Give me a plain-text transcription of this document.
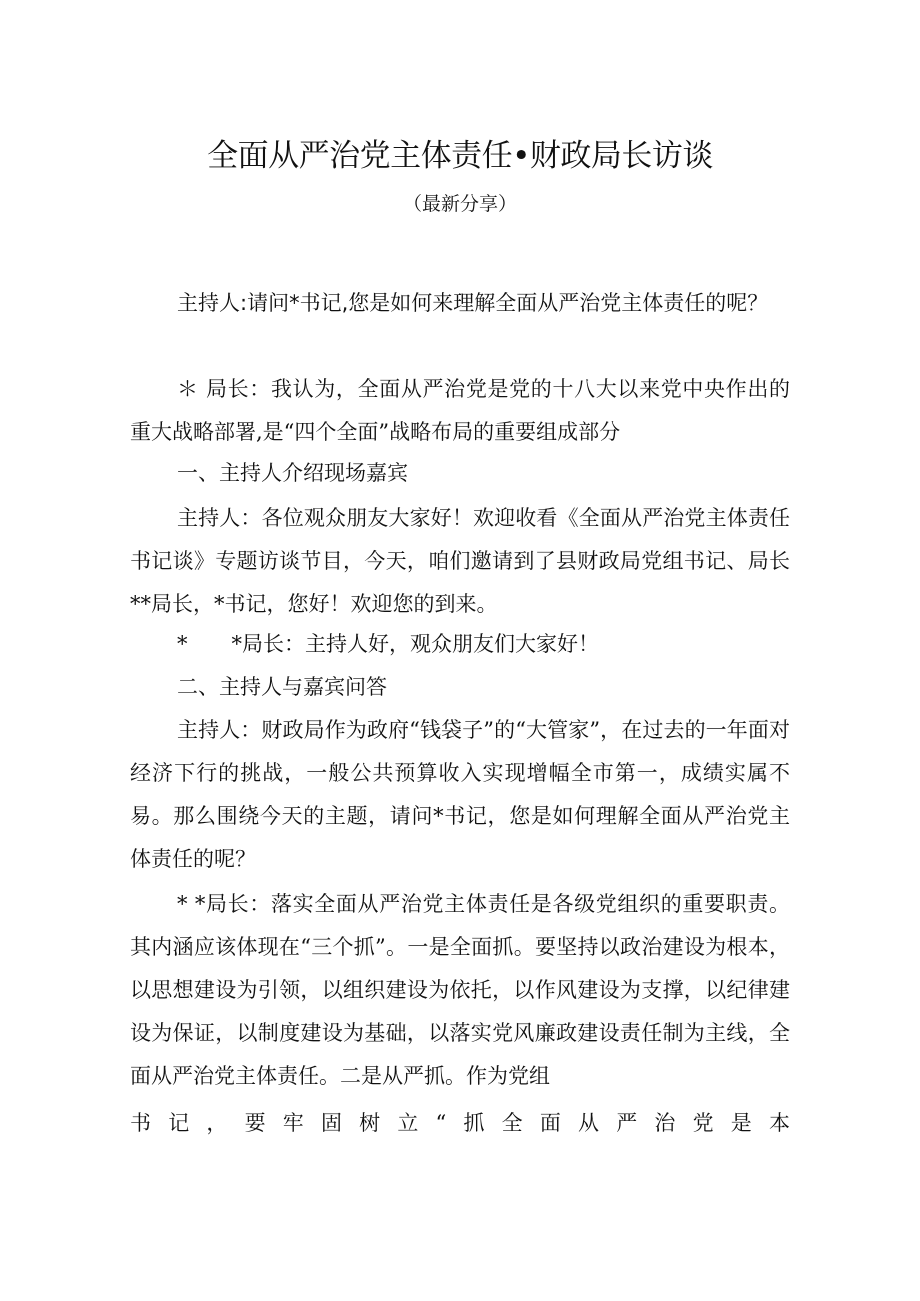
全面从严治党主体责任•财政局长访谈
（最新分享）
主持人:请问*书记,您是如何来理解全面从严治党主体责任的呢？
＊ 局长：我认为，全面从严治党是党的十八大以来党中央作出的重大战略部署,是“四个全面”战略布局的重要组成部分
一、主持人介绍现场嘉宾
主持人：各位观众朋友大家好！欢迎收看《全面从严治党主体责任书记谈》专题访谈节目，今天，咱们邀请到了县财政局党组书记、局长**局长，*书记，您好！欢迎您的到来。
* *局长：主持人好，观众朋友们大家好！
二、主持人与嘉宾问答
主持人：财政局作为政府“钱袋子”的“大管家”，在过去的一年面对经济下行的挑战，一般公共预算收入实现增幅全市第一，成绩实属不易。那么围绕今天的主题，请问*书记，您是如何理解全面从严治党主体责任的呢？
* *局长：落实全面从严治党主体责任是各级党组织的重要职责。其内涵应该体现在“三个抓”。一是全面抓。要坚持以政治建设为根本，以思想建设为引领，以组织建设为依托，以作风建设为支撑，以纪律建设为保证，以制度建设为基础，以落实党风廉政建设责任制为主线，全面从严治党主体责任。二是从严抓。作为党组
书 记 ， 要 牢 固 树 立 “ 抓 全 面 从 严 治 党 是 本
